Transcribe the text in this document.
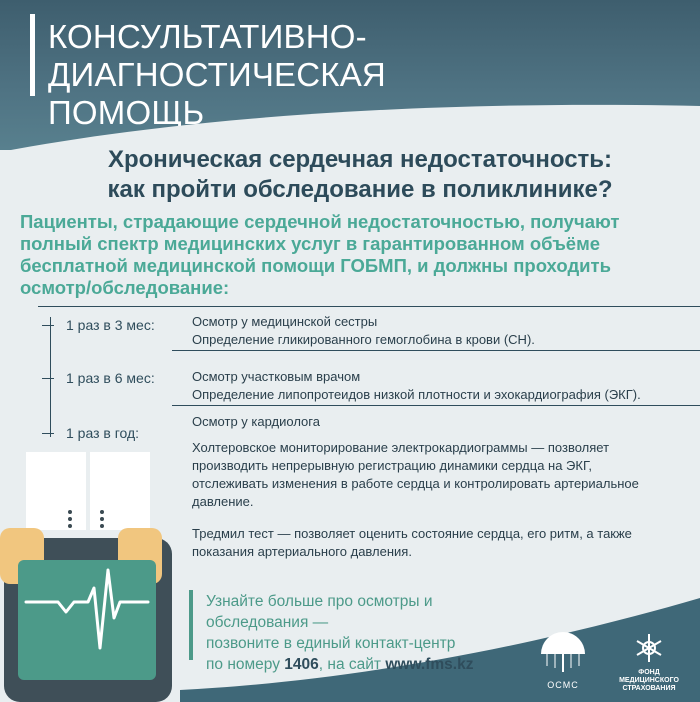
КОНСУЛЬТАТИВНО-ДИАГНОСТИЧЕСКАЯ
ПОМОЩЬ
Хроническая сердечная недостаточность:
как пройти обследование в поликлинике?
Пациенты, страдающие сердечной недостаточностью, получают
полный спектр медицинских услуг в гарантированном объёме
бесплатной медицинской помощи ГОБМП, и должны проходить
осмотр/обследование:
1 раз в 3 мес:	Осмотр у медицинской сестры
Определение гликированного гемоглобина в крови (СН).
1 раз в 6 мес:	Осмотр участковым врачом
Определение липопротеидов низкой плотности и эхокардиография (ЭКГ).
1 раз в год:
Осмотр у кардиолога
Холтеровское мониторирование электрокардиограммы — позволяет
производить непрерывную регистрацию динамики сердца на ЭКГ,
отслеживать изменения в работе сердца и контролировать артериальное
давление.
Тредмил тест — позволяет оценить состояние сердца, его ритм, а также
показания артериального давления.
Узнайте больше про осмотры и обследования —
позвоните в единый контакт-центр
по номеру 1406, на сайт www.fms.kz
ОСМС
ФОНД
МЕДИЦИНСКОГО
СТРАХОВАНИЯ
